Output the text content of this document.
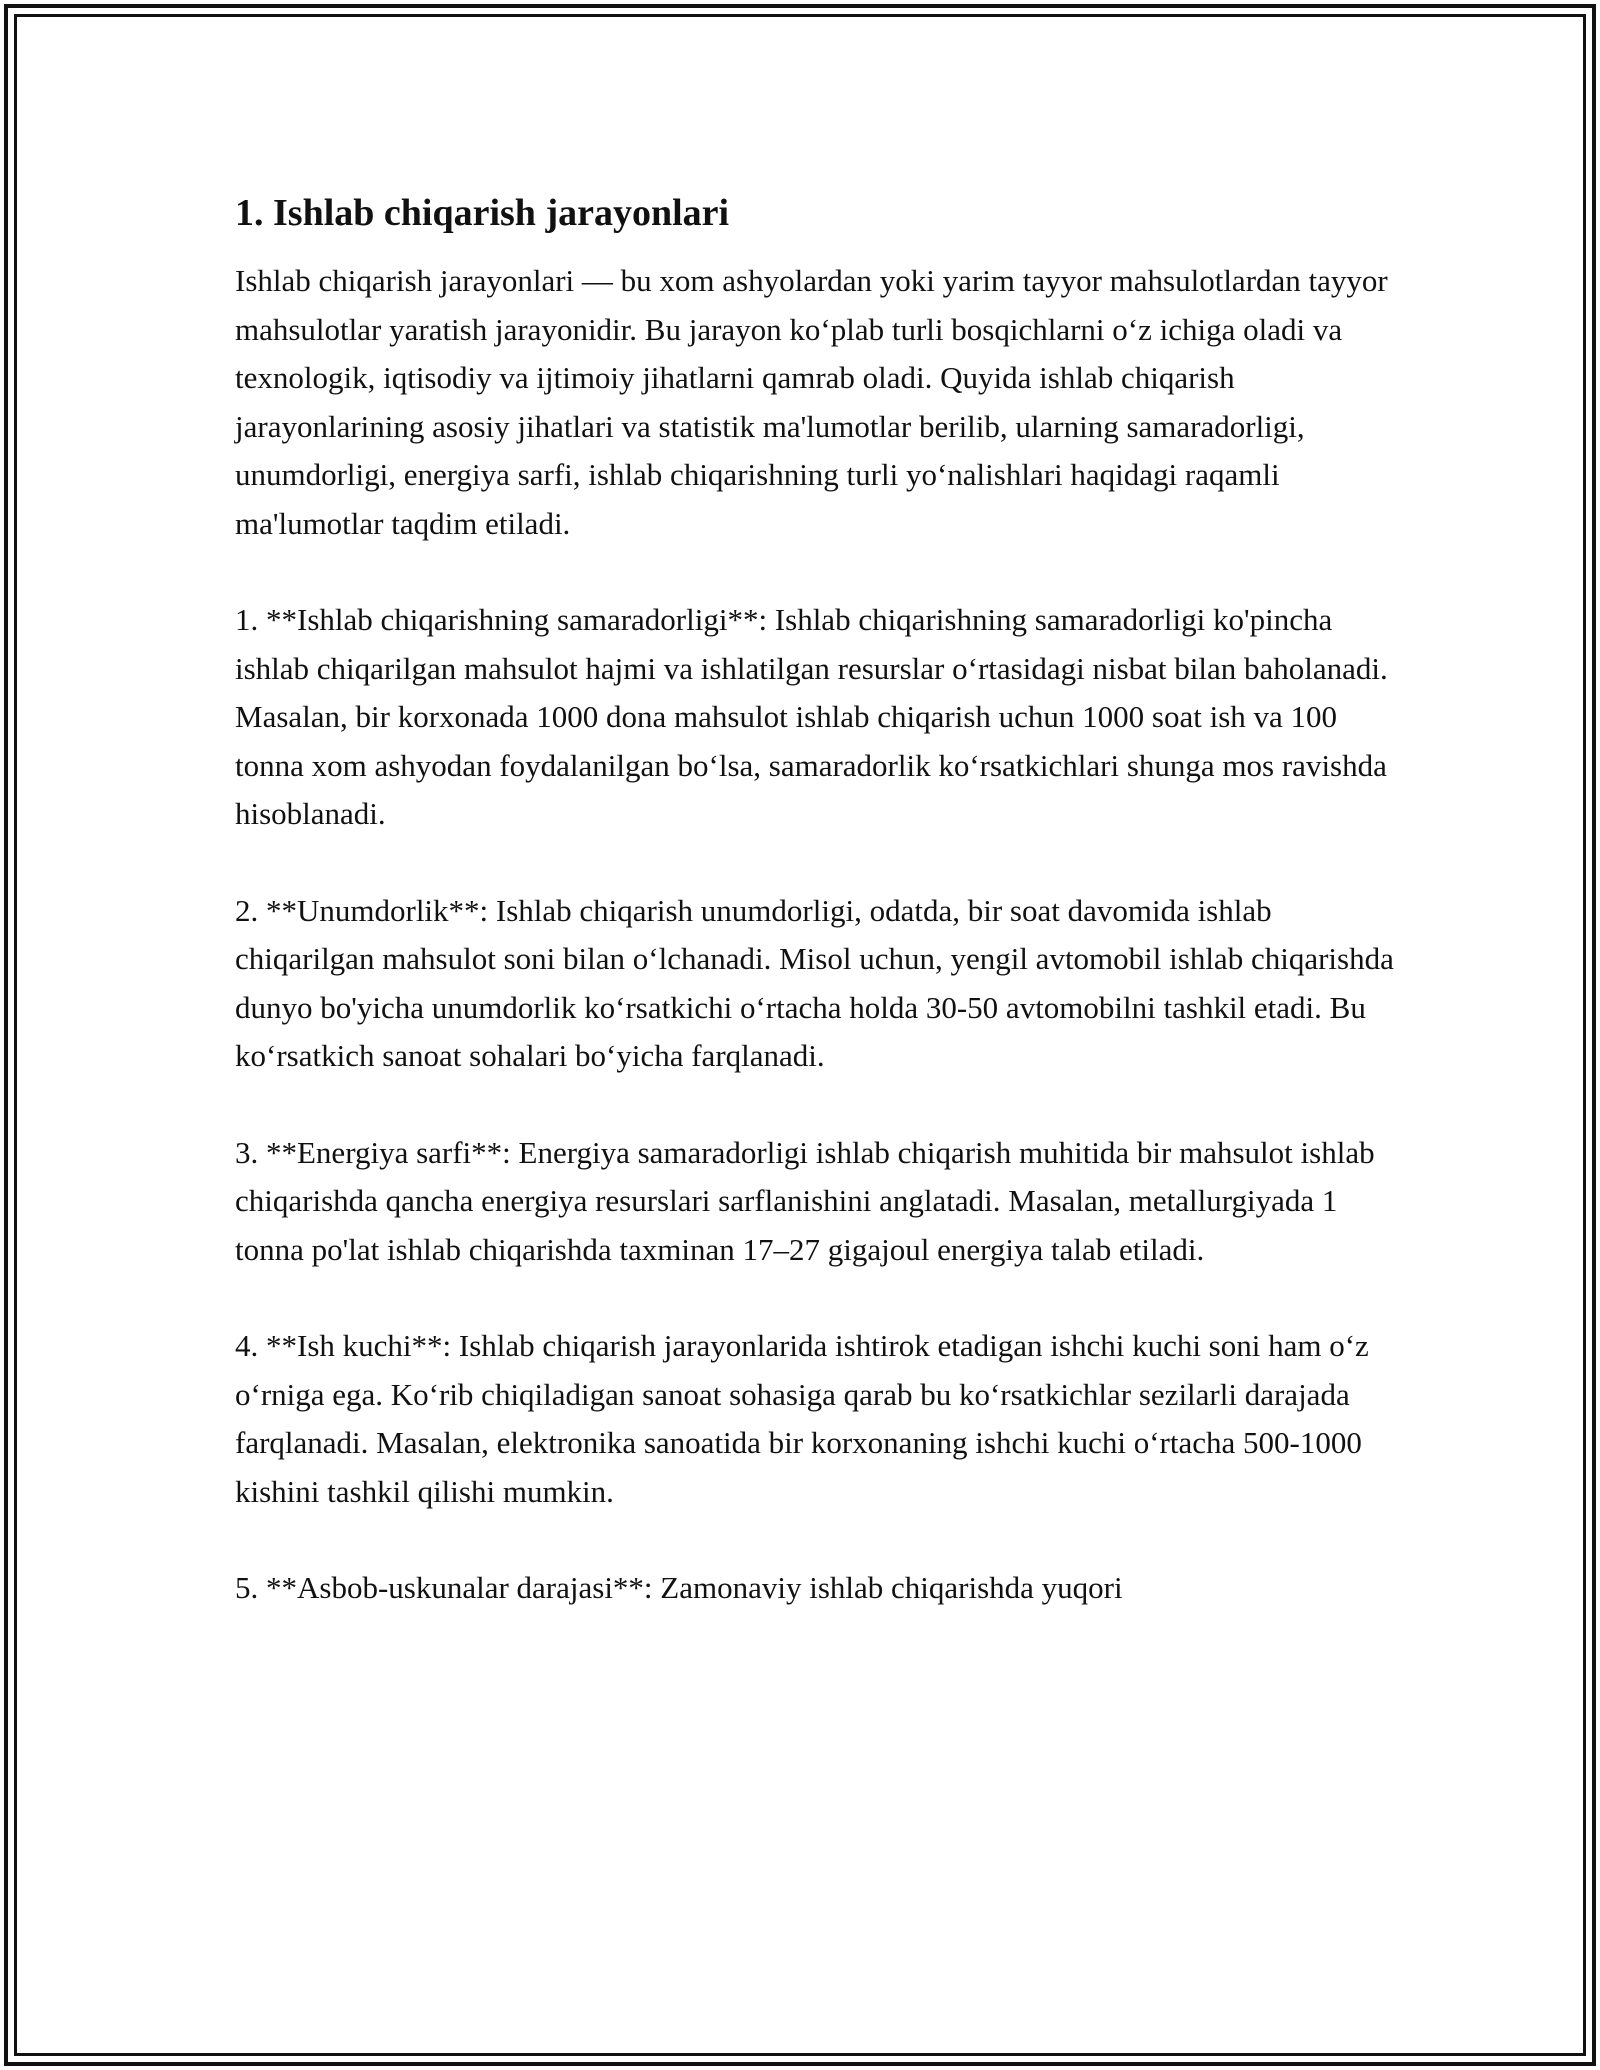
1. Ishlab chiqarish jarayonlari

Ishlab chiqarish jarayonlari — bu xom ashyolardan yoki yarim tayyor mahsulotlardan tayyor mahsulotlar yaratish jarayonidir. Bu jarayon ko‘plab turli bosqichlarni o‘z ichiga oladi va texnologik, iqtisodiy va ijtimoiy jihatlarni qamrab oladi. Quyida ishlab chiqarish jarayonlarining asosiy jihatlari va statistik ma'lumotlar berilib, ularning samaradorligi, unumdorligi, energiya sarfi, ishlab chiqarishning turli yo‘nalishlari haqidagi raqamli ma'lumotlar taqdim etiladi.

1. **Ishlab chiqarishning samaradorligi**: Ishlab chiqarishning samaradorligi ko'pincha ishlab chiqarilgan mahsulot hajmi va ishlatilgan resurslar o‘rtasidagi nisbat bilan baholanadi. Masalan, bir korxonada 1000 dona mahsulot ishlab chiqarish uchun 1000 soat ish va 100 tonna xom ashyodan foydalanilgan bo‘lsa, samaradorlik ko‘rsatkichlari shunga mos ravishda hisoblanadi.

2. **Unumdorlik**: Ishlab chiqarish unumdorligi, odatda, bir soat davomida ishlab chiqarilgan mahsulot soni bilan o‘lchanadi. Misol uchun, yengil avtomobil ishlab chiqarishda dunyo bo'yicha unumdorlik ko‘rsatkichi o‘rtacha holda 30-50 avtomobilni tashkil etadi. Bu ko‘rsatkich sanoat sohalari bo‘yicha farqlanadi.

3. **Energiya sarfi**: Energiya samaradorligi ishlab chiqarish muhitida bir mahsulot ishlab chiqarishda qancha energiya resurslari sarflanishini anglatadi. Masalan, metallurgiyada 1 tonna po'lat ishlab chiqarishda taxminan 17–27 gigajoul energiya talab etiladi.

4. **Ish kuchi**: Ishlab chiqarish jarayonlarida ishtirok etadigan ishchi kuchi soni ham o‘z o‘rniga ega. Ko‘rib chiqiladigan sanoat sohasiga qarab bu ko‘rsatkichlar sezilarli darajada farqlanadi. Masalan, elektronika sanoatida bir korxonaning ishchi kuchi o‘rtacha 500-1000 kishini tashkil qilishi mumkin.

5. **Asbob-uskunalar darajasi**: Zamonaviy ishlab chiqarishda yuqori
